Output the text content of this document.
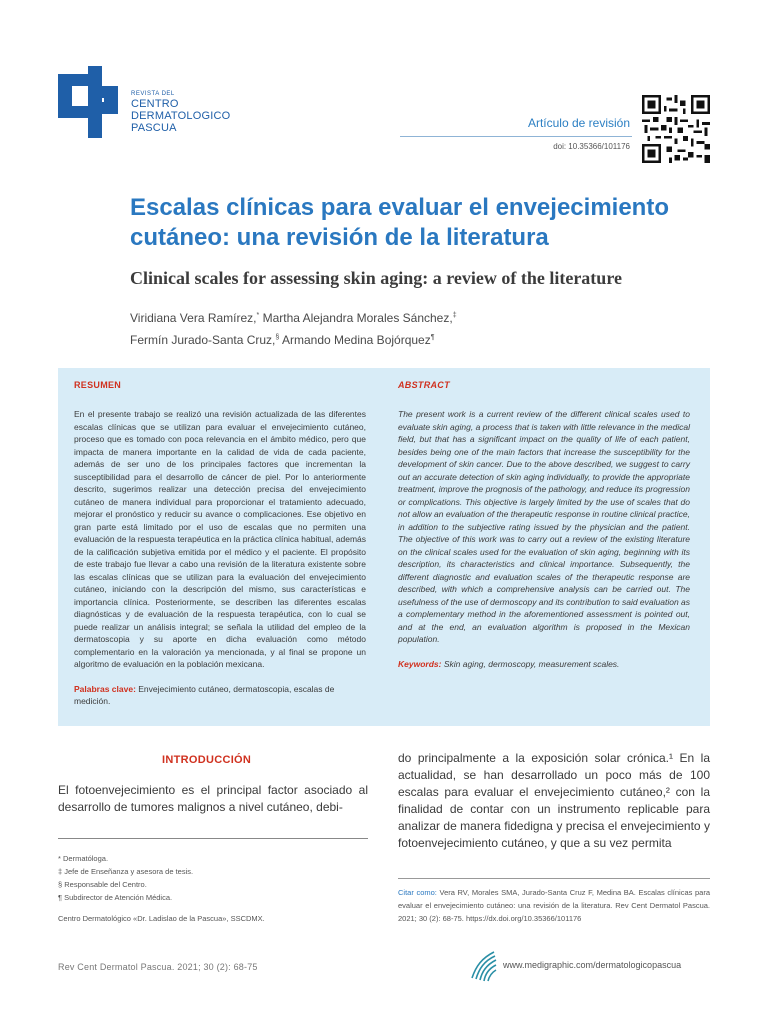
REVISTA DEL
CENTRO
DERMATOLOGICO
PASCUA	Artículo de revisión
doi: 10.35366/101176
Escalas clínicas para evaluar el envejecimiento cutáneo: una revisión de la literatura
Clinical scales for assessing skin aging: a review of the literature
Viridiana Vera Ramírez,* Martha Alejandra Morales Sánchez,‡
Fermín Jurado-Santa Cruz,§ Armando Medina Bojórquez¶
RESUMEN

En el presente trabajo se realizó una revisión actualizada de las diferentes escalas clínicas que se utilizan para evaluar el envejecimiento cutáneo, proceso que es tomado con poca relevancia en el ámbito médico, pero que impacta de manera importante en la calidad de vida de cada paciente, además de ser uno de los principales factores que incrementan la susceptibilidad para el desarrollo de cáncer de piel. Por lo anteriormente descrito, sugerimos realizar una detección precisa del envejecimiento cutáneo de manera individual para proporcionar el tratamiento adecuado, mejorar el pronóstico y reducir su avance o complicaciones. Ese objetivo en gran parte está limitado por el uso de escalas que no permiten una evaluación de la respuesta terapéutica en la práctica clínica habitual, además de la calificación subjetiva emitida por el médico y el paciente. El propósito de este trabajo fue llevar a cabo una revisión de la literatura existente sobre las escalas clínicas que se utilizan para la evaluación del envejecimiento cutáneo, iniciando con la descripción del mismo, sus características e importancia clínica. Posteriormente, se describen las diferentes escalas diagnósticas y de evaluación de la respuesta terapéutica, con lo cual se puede realizar un análisis integral; se señala la utilidad del empleo de la dermatoscopia y su aporte en dicha evaluación como método complementario en la valoración ya mencionada, y al final se propone un algoritmo de evaluación en la población mexicana.

Palabras clave: Envejecimiento cutáneo, dermatoscopia, escalas de medición.

ABSTRACT

The present work is a current review of the different clinical scales used to evaluate skin aging, a process that is taken with little relevance in the medical field, but that has a significant impact on the quality of life of each patient, besides being one of the main factors that increase the susceptibility for the development of skin cancer. Due to the above described, we suggest to carry out an accurate detection of skin aging individually, to provide the appropriate treatment, improve the prognosis of the pathology, and reduce its progression or complications. This objective is largely limited by the use of scales that do not allow an evaluation of the therapeutic response in routine clinical practice, in addition to the subjective rating issued by the physician and the patient. The objective of this work was to carry out a review of the existing literature on the clinical scales used for the evaluation of skin aging, beginning with its description, its characteristics and clinical importance. Subsequently, the different diagnostic and evaluation scales of the therapeutic response are described, with which a comprehensive analysis can be carried out. The usefulness of the use of dermoscopy and its contribution to said evaluation as a complementary method in the aforementioned assessment is pointed out, and at the end, an evaluation algorithm is proposed in the Mexican population.

Keywords: Skin aging, dermoscopy, measurement scales.

INTRODUCCIÓN

El fotoenvejecimiento es el principal factor asociado al desarrollo de tumores malignos a nivel cutáneo, debi-

do principalmente a la exposición solar crónica.¹ En la actualidad, se han desarrollado un poco más de 100 escalas para evaluar el envejecimiento cutáneo,² con la finalidad de contar con un instrumento replicable para analizar de manera fidedigna y precisa el envejecimiento y fotoenvejecimiento cutáneo, y que a su vez permita

* Dermatóloga.
‡ Jefe de Enseñanza y asesora de tesis.
§ Responsable del Centro.
¶ Subdirector de Atención Médica.
Centro Dermatológico «Dr. Ladislao de la Pascua», SSCDMX.

Citar como: Vera RV, Morales SMA, Jurado-Santa Cruz F, Medina BA. Escalas clínicas para evaluar el envejecimiento cutáneo: una revisión de la literatura. Rev Cent Dermatol Pascua. 2021; 30 (2): 68-75. https://dx.doi.org/10.35366/101176

Rev Cent Dermatol Pascua. 2021; 30 (2): 68-75	www.medigraphic.com/dermatologicopascua
